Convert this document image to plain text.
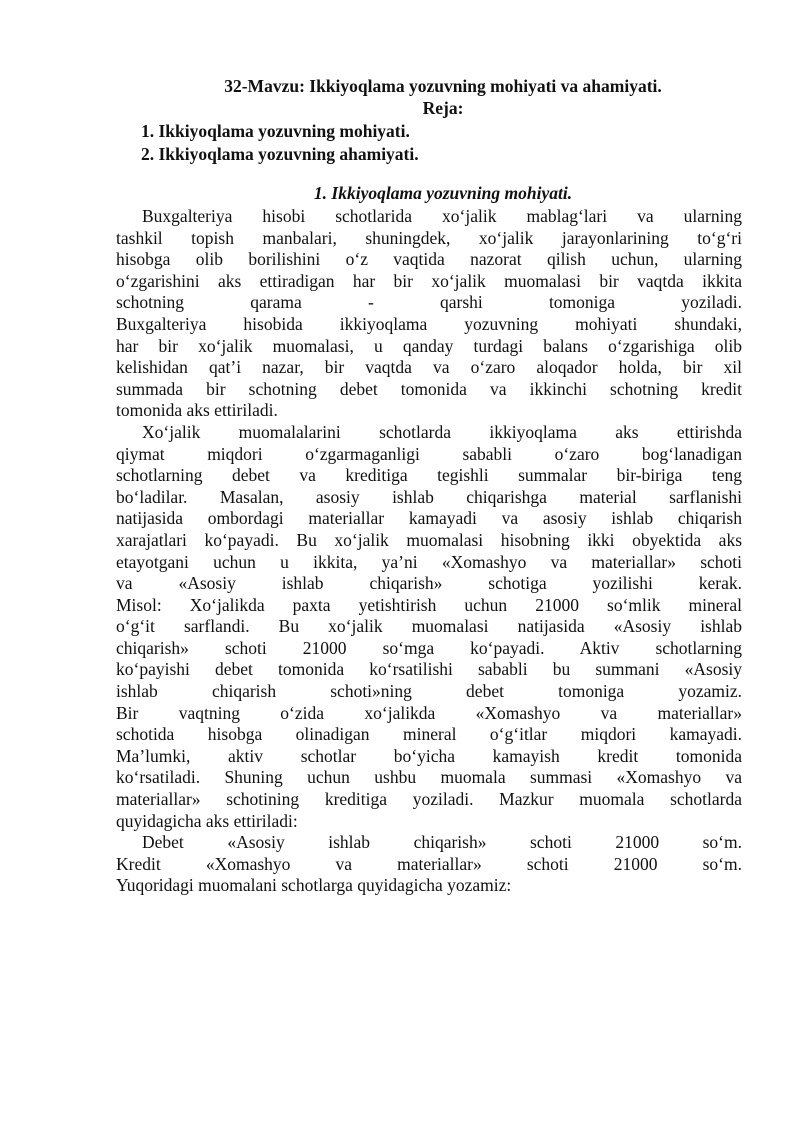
32-Mavzu: Ikkiyoqlama yozuvning mohiyati va ahamiyati.
Reja:
1. Ikkiyoqlama yozuvning mohiyati.
2. Ikkiyoqlama yozuvning ahamiyati.
1. Ikkiyoqlama yozuvning mohiyati.

Buxgalteriya hisobi schotlarida xo‘jalik mablag‘lari va ularning
tashkil topish manbalari, shuningdek, xo‘jalik jarayonlarining to‘g‘ri
hisobga olib borilishini o‘z vaqtida nazorat qilish uchun, ularning
o‘zgarishini aks ettiradigan har bir xo‘jalik muomalasi bir vaqtda ikkita
schotning qarama - qarshi tomoniga yoziladi.
Buxgalteriya hisobida ikkiyoqlama yozuvning mohiyati shundaki,
har bir xo‘jalik muomalasi, u qanday turdagi balans o‘zgarishiga olib
kelishidan qat’i nazar, bir vaqtda va o‘zaro aloqador holda, bir xil
summada bir schotning debet tomonida va ikkinchi schotning kredit
tomonida aks ettiriladi.

Xo‘jalik muomalalarini schotlarda ikkiyoqlama aks ettirishda
qiymat miqdori o‘zgarmaganligi sababli o‘zaro bog‘lanadigan
schotlarning debet va kreditiga tegishli summalar bir-biriga teng
bo‘ladilar. Masalan, asosiy ishlab chiqarishga material sarflanishi
natijasida ombordagi materiallar kamayadi va asosiy ishlab chiqarish
xarajatlari ko‘payadi. Bu xo‘jalik muomalasi hisobning ikki obyektida aks
etayotgani uchun u ikkita, ya’ni «Xomashyo va materiallar» schoti
va «Asosiy ishlab chiqarish» schotiga yozilishi kerak.
Misol: Xo‘jalikda paxta yetishtirish uchun 21000 so‘mlik mineral
o‘g‘it sarflandi. Bu xo‘jalik muomalasi natijasida «Asosiy ishlab
chiqarish» schoti 21000 so‘mga ko‘payadi. Aktiv schotlarning
ko‘payishi debet tomonida ko‘rsatilishi sababli bu summani «Asosiy
ishlab chiqarish schoti»ning debet tomoniga yozamiz.
Bir vaqtning o‘zida xo‘jalikda «Xomashyo va materiallar»
schotida hisobga olinadigan mineral o‘g‘itlar miqdori kamayadi.
Ma’lumki, aktiv schotlar bo‘yicha kamayish kredit tomonida
ko‘rsatiladi. Shuning uchun ushbu muomala summasi «Xomashyo va
materiallar» schotining kreditiga yoziladi. Mazkur muomala schotlarda
quyidagicha aks ettiriladi:

Debet «Asosiy ishlab chiqarish» schoti 21000 so‘m.
Kredit «Xomashyo va materiallar» schoti 21000 so‘m.
Yuqoridagi muomalani schotlarga quyidagicha yozamiz:
